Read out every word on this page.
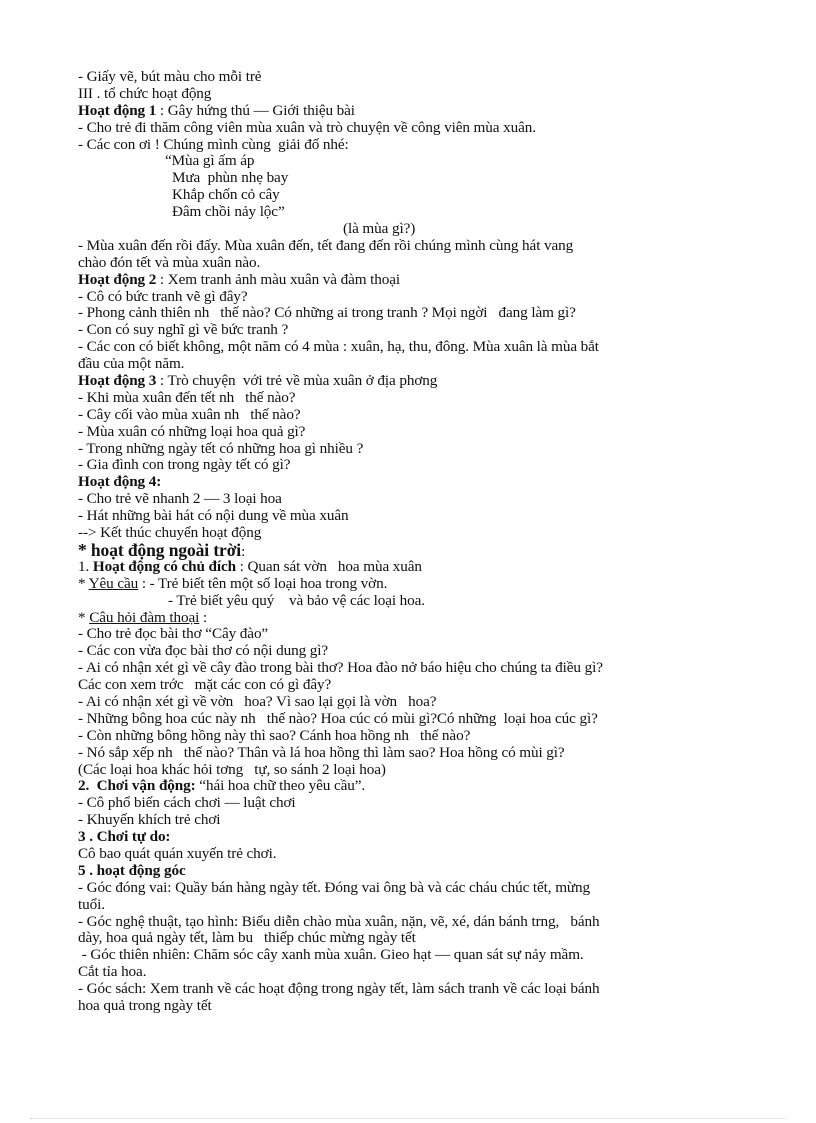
- Giấy vẽ, bút màu cho mỗi trẻ
III . tổ chức hoạt động
Hoạt động 1 : Gây hứng thú — Giới thiệu bài
- Cho trẻ đi thăm công viên mùa xuân và trò chuyện về công viên mùa xuân.
- Các con ơi ! Chúng mình cùng  giải đố nhé:
“Mùa gì ấm áp
Mưa  phùn nhẹ bay
Khắp chốn cỏ cây
Đâm chồi nảy lộc”
(là mùa gì?)
- Mùa xuân đến rồi đấy. Mùa xuân đến, tết đang đến rồi chúng mình cùng hát vang
chào đón tết và mùa xuân nào.
Hoạt động 2 : Xem tranh ảnh màu xuân và đàm thoại
- Cô có bức tranh vẽ gì đây?
- Phong cảnh thiên nh   thế nào? Có những ai trong tranh ? Mọi ngời   đang làm gì?
- Con có suy nghĩ gì về bức tranh ?
- Các con có biết không, một năm có 4 mùa : xuân, hạ, thu, đông. Mùa xuân là mùa bắt
đầu của một năm.
Hoạt động 3 : Trò chuyện  với trẻ về mùa xuân ở địa phơng
- Khi mùa xuân đến tết nh   thế nào?
- Cây cối vào mùa xuân nh   thế nào?
- Mùa xuân có những loại hoa quả gì?
- Trong những ngày tết có những hoa gì nhiều ?
- Gia đình con trong ngày tết có gì?
Hoạt động 4:
- Cho trẻ vẽ nhanh 2 — 3 loại hoa
- Hát những bài hát có nội dung về mùa xuân
--> Kết thúc chuyển hoạt động
* hoạt động ngoài trời:
1. Hoạt động có chủ đích : Quan sát vờn   hoa mùa xuân
* Yêu cầu : - Trẻ biết tên một số loại hoa trong vờn.
- Trẻ biết yêu quý    và bảo vệ các loại hoa.
* Câu hỏi đàm thoại :
- Cho trẻ đọc bài thơ “Cây đào”
- Các con vừa đọc bài thơ có nội dung gì?
- Ai có nhận xét gì về cây đào trong bài thơ? Hoa đào nở báo hiệu cho chúng ta điều gì?
Các con xem trớc   mặt các con có gì đây?
- Ai có nhận xét gì về vờn   hoa? Vì sao lại gọi là vờn   hoa?
- Những bông hoa cúc này nh   thế nào? Hoa cúc có mùi gì?Có những  loại hoa cúc gì?
- Còn những bông hồng này thì sao? Cánh hoa hồng nh   thế nào?
- Nó sắp xếp nh   thế nào? Thân và lá hoa hồng thì làm sao? Hoa hồng có mùi gì?
(Các loại hoa khác hỏi tơng   tự, so sánh 2 loại hoa)
2.  Chơi vận động: “hái hoa chữ theo yêu cầu”.
- Cô phổ biến cách chơi — luật chơi
- Khuyến khích trẻ chơi
3 . Chơi tự do:
Cô bao quát quán xuyến trẻ chơi.
5 . hoạt động góc
- Góc đóng vai: Quầy bán hàng ngày tết. Đóng vai ông bà và các cháu chúc tết, mừng
tuổi.
- Góc nghệ thuật, tạo hình: Biểu diễn chào mùa xuân, nặn, vẽ, xé, dán bánh trng,   bánh
dày, hoa quả ngày tết, làm bu   thiếp chúc mừng ngày tết
- Góc thiên nhiên: Chăm sóc cây xanh mùa xuân. Gieo hạt — quan sát sự nảy mầm.
Cắt tỉa hoa.
- Góc sách: Xem tranh về các hoạt động trong ngày tết, làm sách tranh về các loại bánh
hoa quả trong ngày tết
